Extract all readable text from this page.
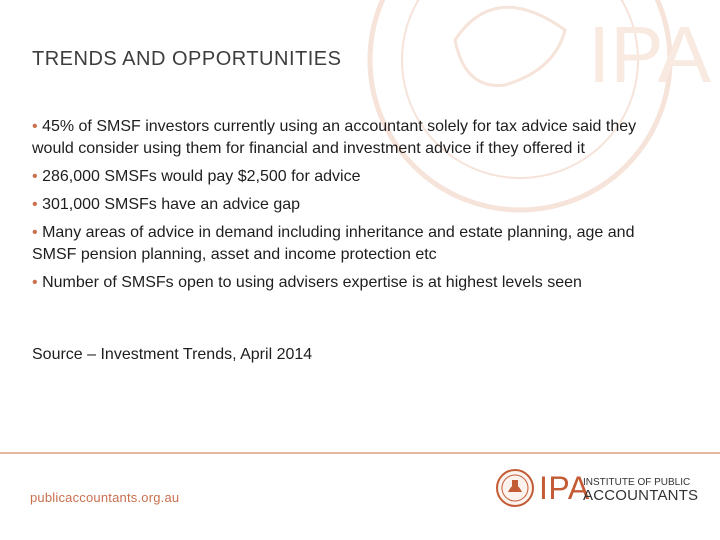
IPA
TRENDS AND OPPORTUNITIES
• 45% of SMSF investors currently using an accountant solely for tax advice said they would consider using them for financial and investment advice if they offered it
• 286,000 SMSFs would pay $2,500 for advice
• 301,000 SMSFs have an advice gap
• Many areas of advice in demand including inheritance and estate planning, age and SMSF pension planning, asset and income protection etc
• Number of SMSFs open to using advisers expertise is at highest levels seen
Source – Investment Trends, April 2014
publicaccountants.org.au	IPA
INSTITUTE OF PUBLIC
ACCOUNTANTS
